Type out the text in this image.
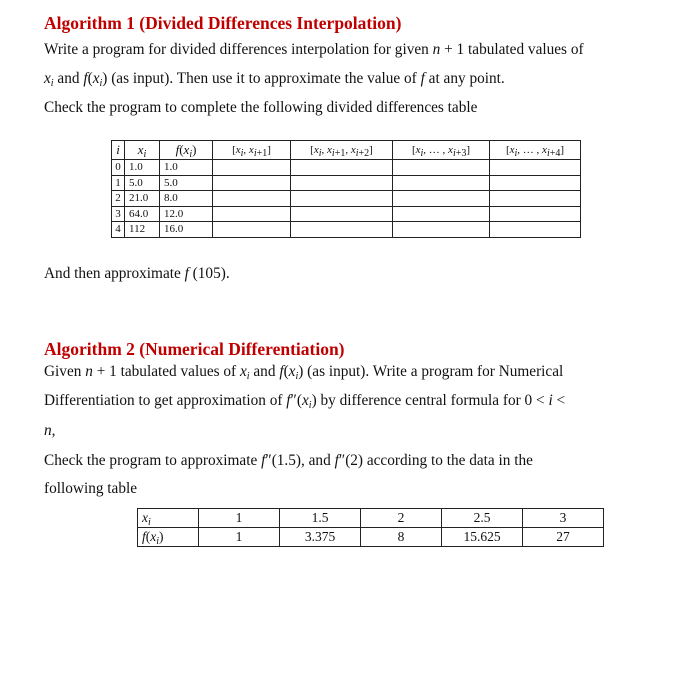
Algorithm 1 (Divided Differences Interpolation)
Write a program for divided differences interpolation for given n + 1 tabulated values of
$x_i$ and $f(x_i)$ (as input). Then use it to approximate the value of f at any point.
Check the program to complete the following divided differences table
i	$x_i$	$f(x_i)$	[$x_i$, $x_{i+1}$]	[$x_i$, $x_{i+1}$, $x_{i+2}$]	[$x_i$, … , $x_{i+3}$]	[$x_i$, … , $x_{i+4}$]
0	1.0	1.0				
1	5.0	5.0				
2	21.0	8.0				
3	64.0	12.0				
4	112	16.0				
And then approximate f (105).
Algorithm 2 (Numerical Differentiation)
Given n + 1 tabulated values of $x_i$ and $f(x_i)$ (as input). Write a program for Numerical
Differentiation to get approximation of $f''(x_i)$ by difference central formula for 0 < i <
n,
Check the program to approximate f″(1.5), and f″(2) according to the data in the
following table
$x_i$	1	1.5	2	2.5	3
$f(x_i)$	1	3.375	8	15.625	27
